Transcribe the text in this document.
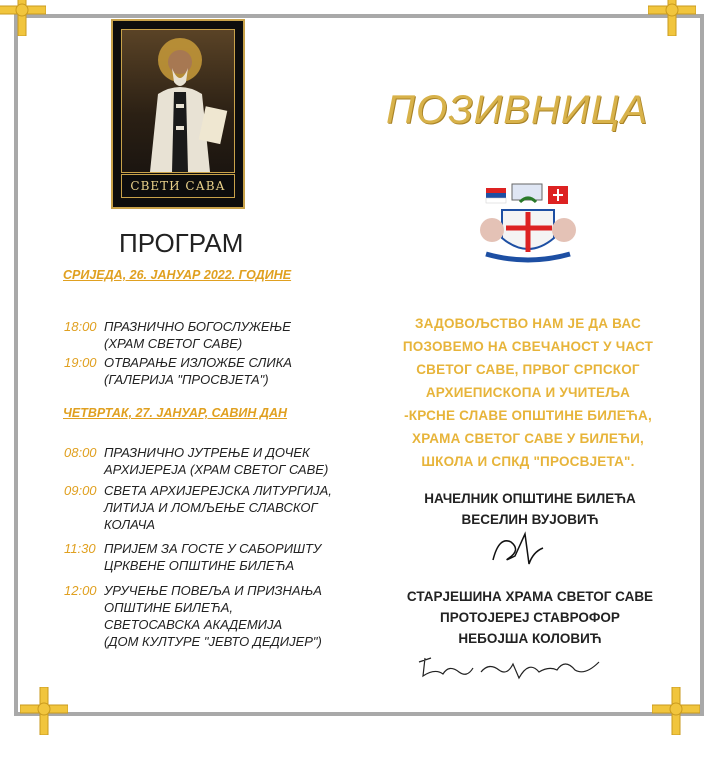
СВЕТИ САВА
ПОЗИВНИЦА
ПРОГРАМ
СРИЈЕДА, 26. ЈАНУАР 2022. ГОДИНЕ
18:00 ПРАЗНИЧНО БОГОСЛУЖЕЊЕ
(ХРАМ СВЕТОГ САВЕ)
19:00 ОТВАРАЊЕ ИЗЛОЖБЕ СЛИКА
(ГАЛЕРИЈА "ПРОСВЈЕТА")
ЧЕТВРТАК, 27. ЈАНУАР, САВИН ДАН
08:00 ПРАЗНИЧНО ЈУТРЕЊЕ И ДОЧЕК
АРХИЈЕРЕЈА (ХРАМ СВЕТОГ САВЕ)
09:00 СВЕТА АРХИЈЕРЕЈСКА ЛИТУРГИЈА,
ЛИТИЈА И ЛОМЉЕЊЕ СЛАВСКОГ
КОЛАЧА
11:30 ПРИЈЕМ ЗА ГОСТЕ У САБОРИШТУ
ЦРКВЕНЕ ОПШТИНЕ БИЛЕЋА
12:00 УРУЧЕЊЕ ПОВЕЉА И ПРИЗНАЊА
ОПШТИНЕ БИЛЕЋА,
СВЕТОСАВСКА АКАДЕМИЈА
(ДОМ КУЛТУРЕ "ЈЕВТО ДЕДИЈЕР")
ЗАДОВОЉСТВО НАМ ЈЕ ДА ВАС
ПОЗОВЕМО НА СВЕЧАНОСТ У ЧАСТ
СВЕТОГ САВЕ, ПРВОГ СРПСКОГ
АРХИЕПИСКОПА И УЧИТЕЉА
-КРСНЕ СЛАВЕ ОПШТИНЕ БИЛЕЋА,
ХРАМА СВЕТОГ САВЕ У БИЛЕЋИ,
ШКОЛА И СПКД "ПРОСВЈЕТА".
НАЧЕЛНИК ОПШТИНЕ БИЛЕЋА
ВЕСЕЛИН ВУЈОВИЋ
СТАРЈЕШИНА ХРАМА СВЕТОГ САВЕ
ПРОТОЈЕРЕЈ СТАВРОФОР
НЕБОЈША КОЛОВИЋ
